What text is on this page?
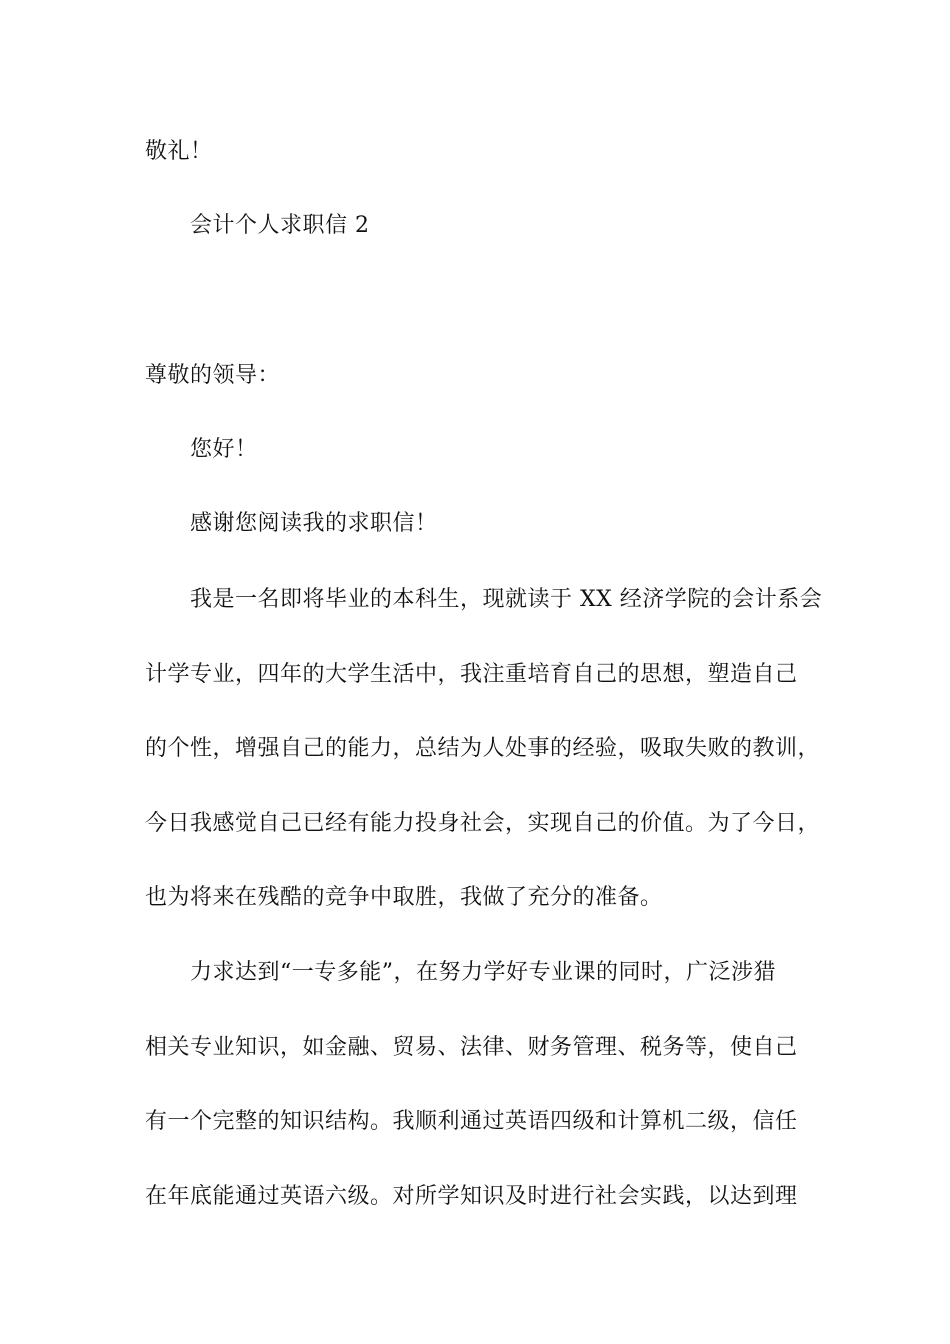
敬礼！
会计个人求职信 2
尊敬的领导：
您好！
感谢您阅读我的求职信！
我是一名即将毕业的本科生，现就读于 XX 经济学院的会计系会
计学专业，四年的大学生活中，我注重培育自己的思想，塑造自己
的个性，增强自己的能力，总结为人处事的经验，吸取失败的教训，
今日我感觉自己已经有能力投身社会，实现自己的价值。为了今日，
也为将来在残酷的竞争中取胜，我做了充分的准备。
力求达到“一专多能”，在努力学好专业课的同时，广泛涉猎
相关专业知识，如金融、贸易、法律、财务管理、税务等，使自己
有一个完整的知识结构。我顺利通过英语四级和计算机二级，信任
在年底能通过英语六级。对所学知识及时进行社会实践，以达到理
